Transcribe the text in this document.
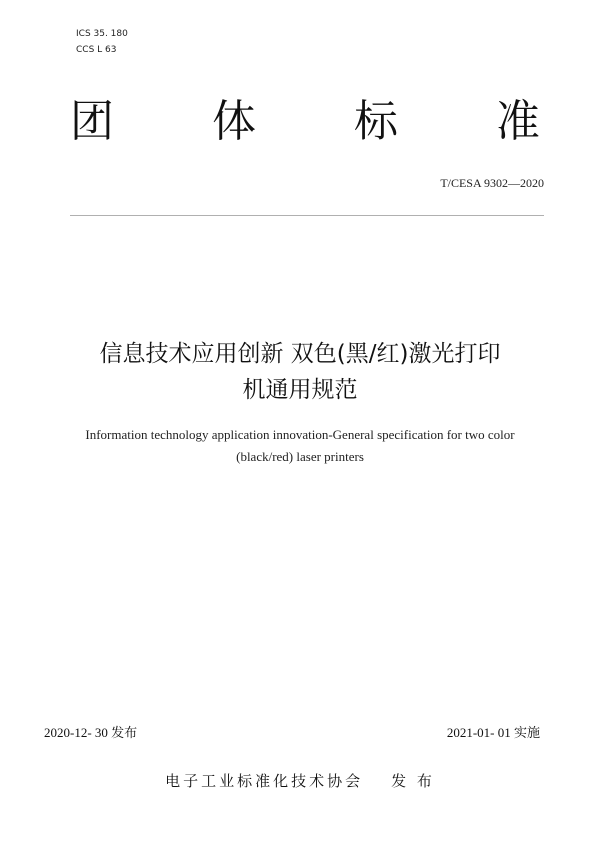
ICS 35. 180
CCS L 63
团 体 标 准
T/CESA 9302—2020
信息技术应用创新 双色(黑/红)激光打印
机通用规范
Information technology application innovation-General specification for two color
(black/red) laser printers
2020-12- 30 发布	2021-01- 01 实施
电子工业标准化技术协会 发 布
